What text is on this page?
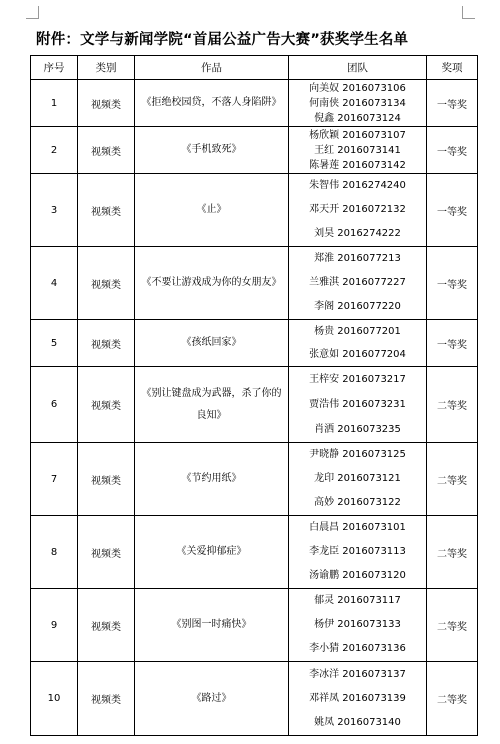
附件：文学与新闻学院“首届公益广告大赛”获奖学生名单
序号	类别	作品	团队	奖项
1	视频类	《拒绝校园贷，不落人身陷阱》	向美奴 2016073106
何南侠 2016073134
倪鑫 2016073124	一等奖
2	视频类	《手机致死》	杨欣颖 2016073107
王红 2016073141
陈暑莲 2016073142	一等奖
3	视频类	《止》	朱智伟 2016274240
邓天开 2016072132
刘昊 2016274222	一等奖
4	视频类	《不要让游戏成为你的女朋友》	郑淮 2016077213
兰雅淇 2016077227
李阁 2016077220	一等奖
5	视频类	《孩纸回家》	杨贵 2016077201
张意如 2016077204	一等奖
6	视频类	《别让键盘成为武器，杀了你的良知》	王梓安 2016073217
贾浩伟 2016073231
肖洒 2016073235	二等奖
7	视频类	《节约用纸》	尹晓静 2016073125
龙印 2016073121
高妙 2016073122	二等奖
8	视频类	《关爱抑郁症》	白晨昌 2016073101
李龙臣 2016073113
汤谕鹏 2016073120	二等奖
9	视频类	《别图一时痛快》	郁灵 2016073117
杨伊 2016073133
李小猜 2016073136	二等奖
10	视频类	《路过》	李冰洋 2016073137
邓祥凤 2016073139
姚凤 2016073140	二等奖
